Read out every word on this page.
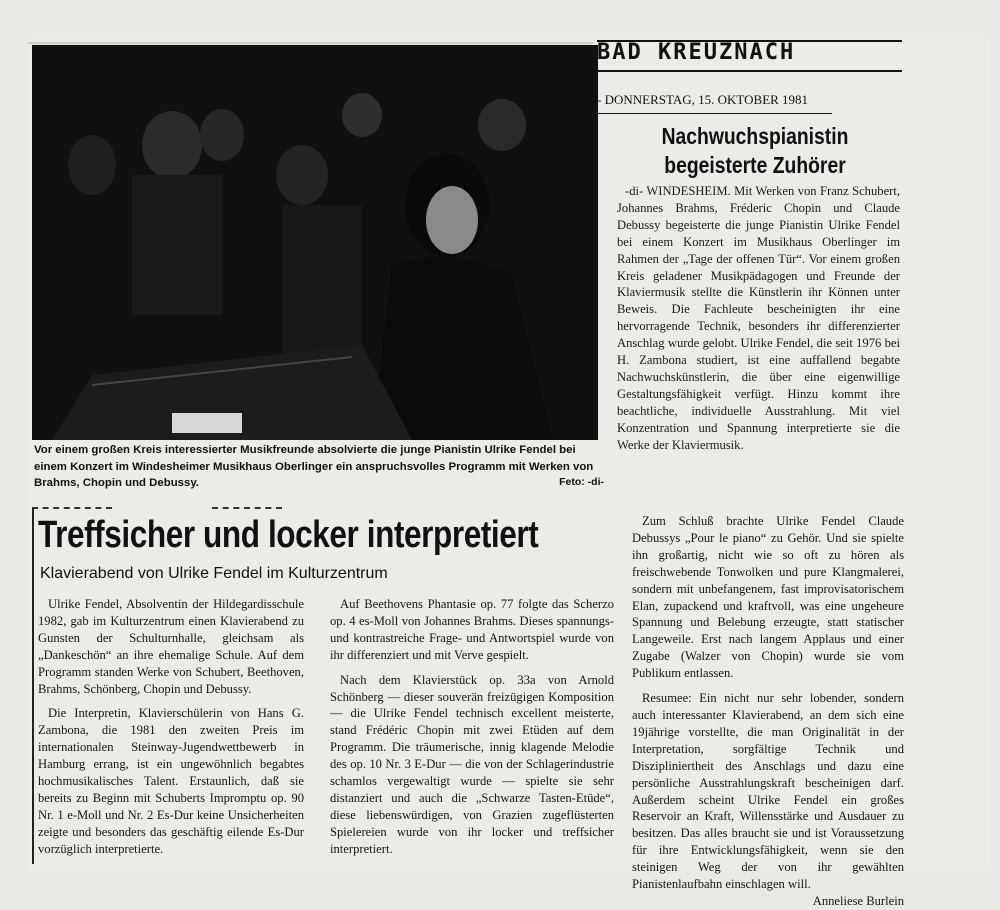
Vor einem großen Kreis interessierter Musikfreunde absolvierte die junge Pianistin Ulrike Fendel bei einem Konzert im Windesheimer Musikhaus Oberlinger ein anspruchsvolles Programm mit Werken von Brahms, Chopin und Debussy.	Feto: -di-
BAD KREUZNACH
- DONNERSTAG, 15. OKTOBER 1981
Nachwuchspianistin
begeisterte Zuhörer
-di- WINDESHEIM. Mit Werken von Franz Schubert, Johannes Brahms, Fréderic Chopin und Claude Debussy begeisterte die junge Pianistin Ulrike Fendel bei einem Konzert im Musikhaus Oberlinger im Rahmen der „Tage der offenen Tür“. Vor einem großen Kreis geladener Musikpädagogen und Freunde der Klaviermusik stellte die Künstlerin ihr Können unter Beweis. Die Fachleute bescheinigten ihr eine hervorragende Technik, besonders ihr differenzierter Anschlag wurde gelobt. Ulrike Fendel, die seit 1976 bei H. Zambona studiert, ist eine auffallend begabte Nachwuchskünstlerin, die über eine eigenwillige Gestaltungsfähigkeit verfügt. Hinzu kommt ihre beachtliche, individuelle Ausstrahlung. Mit viel Konzentration und Spannung interpretierte sie die Werke der Klaviermusik.
Treffsicher und locker interpretiert
Klavierabend von Ulrike Fendel im Kulturzentrum

Ulrike Fendel, Absolventin der Hildegardisschule 1982, gab im Kulturzentrum einen Klavierabend zu Gunsten der Schulturnhalle, gleichsam als „Dankeschön“ an ihre ehemalige Schule. Auf dem Programm standen Werke von Schubert, Beethoven, Brahms, Schönberg, Chopin und Debussy.

Die Interpretin, Klavierschülerin von Hans G. Zambona, die 1981 den zweiten Preis im internationalen Steinway-Jugendwettbewerb in Hamburg errang, ist ein ungewöhnlich begabtes hochmusikalisches Talent. Erstaunlich, daß sie bereits zu Beginn mit Schuberts Impromptu op. 90 Nr. 1 e-Moll und Nr. 2 Es-Dur keine Unsicherheiten zeigte und besonders das geschäftig eilende Es-Dur vorzüglich interpretierte.

Auf Beethovens Phantasie op. 77 folgte das Scherzo op. 4 es-Moll von Johannes Brahms. Dieses spannungs- und kontrastreiche Frage- und Antwortspiel wurde von ihr differenziert und mit Verve gespielt.

Nach dem Klavierstück op. 33a von Arnold Schönberg — dieser souverän freizügigen Komposition — die Ulrike Fendel technisch excellent meisterte, stand Frédéric Chopin mit zwei Etüden auf dem Programm. Die träumerische, innig klagende Melodie des op. 10 Nr. 3 E-Dur — die von der Schlagerindustrie schamlos vergewaltigt wurde — spielte sie sehr distanziert und auch die „Schwarze Tasten-Etüde“, diese liebenswürdigen, von Grazien zugeflüsterten Spielereien wurde von ihr locker und treffsicher interpretiert.

Zum Schluß brachte Ulrike Fendel Claude Debussys „Pour le piano“ zu Gehör. Und sie spielte ihn großartig, nicht wie so oft zu hören als freischwebende Tonwolken und pure Klangmalerei, sondern mit unbefangenem, fast improvisatorischem Elan, zupackend und kraftvoll, was eine ungeheure Spannung und Belebung erzeugte, statt statischer Langeweile. Erst nach langem Applaus und einer Zugabe (Walzer von Chopin) wurde sie vom Publikum entlassen.

Resumee: Ein nicht nur sehr lobender, sondern auch interessanter Klavierabend, an dem sich eine 19jährige vorstellte, die man Originalität in der Interpretation, sorgfältige Technik und Diszipliniertheit des Anschlags und dazu eine persönliche Ausstrahlungskraft bescheinigen darf. Außerdem scheint Ulrike Fendel ein großes Reservoir an Kraft, Willensstärke und Ausdauer zu besitzen. Das alles braucht sie und ist Voraussetzung für ihre Entwicklungsfähigkeit, wenn sie den steinigen Weg der von ihr gewählten Pianistenlaufbahn einschlagen will.

Anneliese Burlein
